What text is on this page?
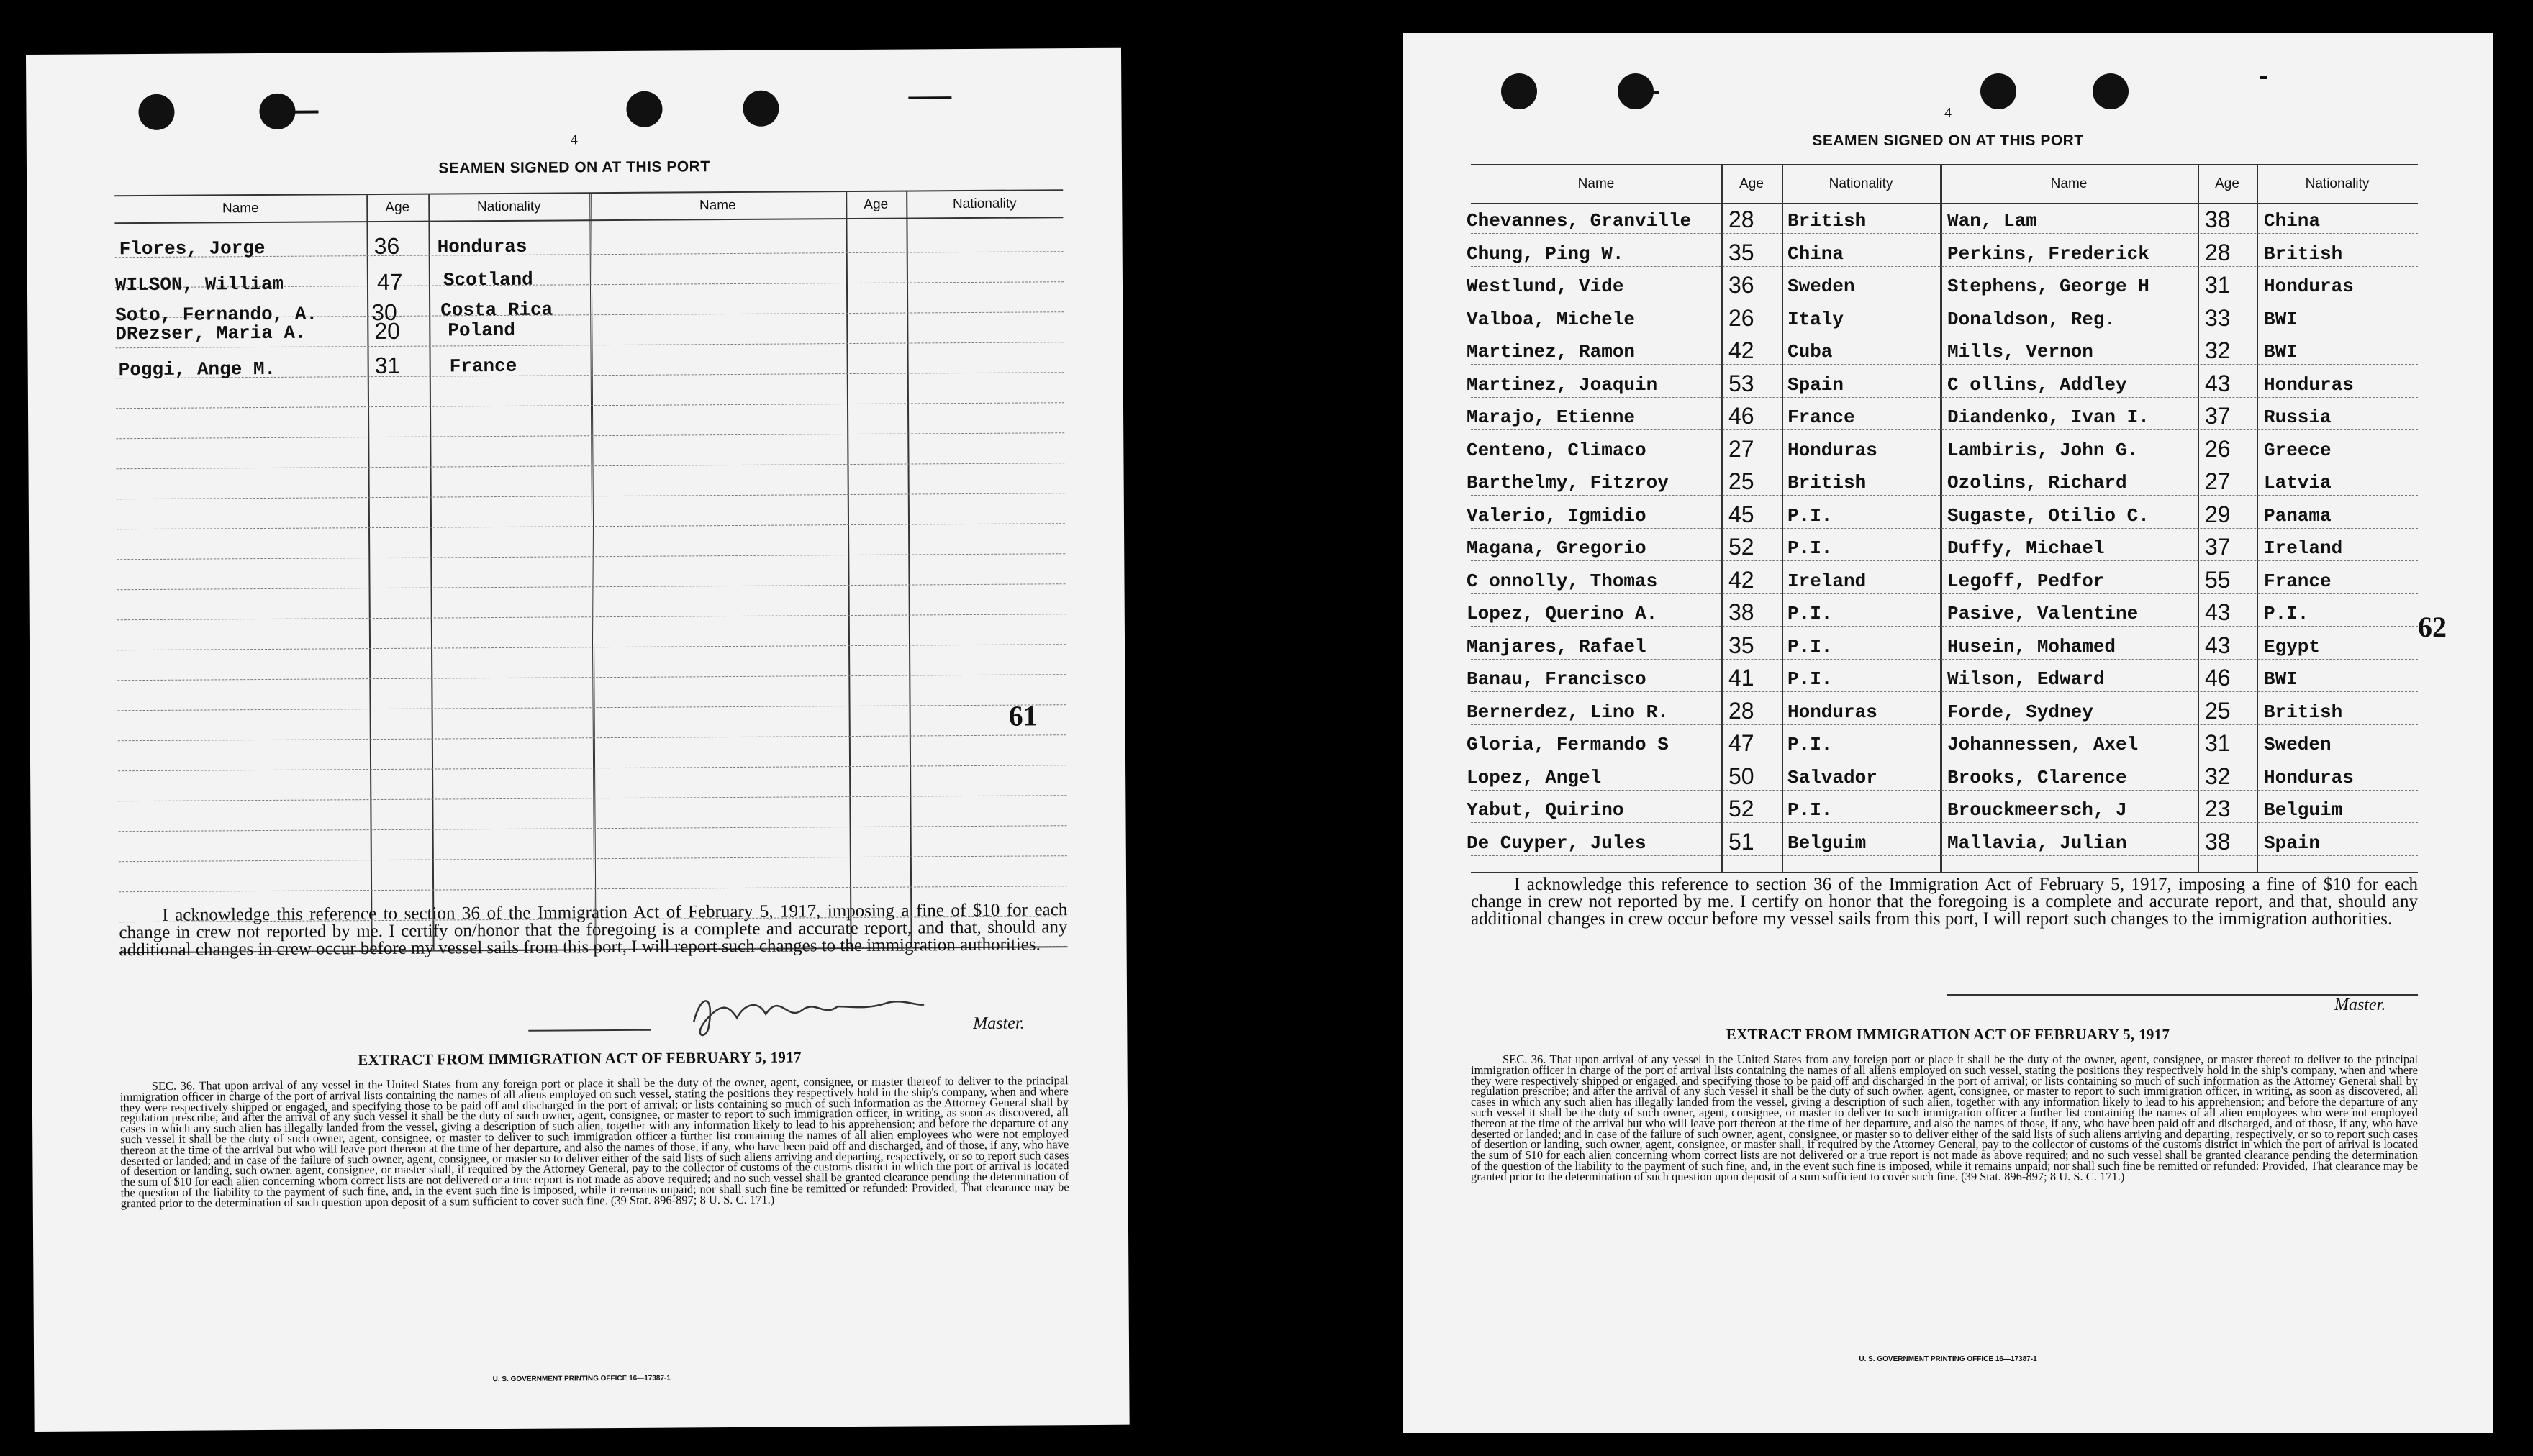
4
SEAMEN SIGNED ON AT THIS PORT
Name	Age	Nationality	Name	Age	Nationality
Flores, Jorge	36 Honduras
WILSON, William	47 Scotland
Soto, Fernando, A. 30 Costa Rica
DRezser, Maria A.	20	Poland
Poggi, Ange M.	31	France
61
I acknowledge this reference to section 36 of the Immigration Act of February 5, 1917, imposing a fine of $10 for each change in crew not reported by me. I certify on/honor that the foregoing is a complete and accurate report, and that, should any additional changes in crew occur before my vessel sails from this port, I will report such changes to the immigration authorities.
Master.
EXTRACT FROM IMMIGRATION ACT OF FEBRUARY 5, 1917
SEC. 36. That upon arrival of any vessel in the United States from any foreign port or place it shall be the duty of the owner, agent, consignee, or master thereof to deliver to the principal immigration officer in charge of the port of arrival lists containing the names of all aliens employed on such vessel, stating the positions they respectively hold in the ship's company, when and where they were respectively shipped or engaged, and specifying those to be paid off and discharged in the port of arrival; or lists containing so much of such information as the Attorney General shall by regulation prescribe; and after the arrival of any such vessel it shall be the duty of such owner, agent, consignee, or master to report to such immigration officer, in writing, as soon as discovered, all cases in which any such alien has illegally landed from the vessel, giving a description of such alien, together with any information likely to lead to his apprehension; and before the departure of any such vessel it shall be the duty of such owner, agent, consignee, or master to deliver to such immigration officer a further list containing the names of all alien employees who were not employed thereon at the time of the arrival but who will leave port thereon at the time of her departure, and also the names of those, if any, who have been paid off and discharged, and of those, if any, who have deserted or landed; and in case of the failure of such owner, agent, consignee, or master so to deliver either of the said lists of such aliens arriving and departing, respectively, or so to report such cases of desertion or landing, such owner, agent, consignee, or master shall, if required by the Attorney General, pay to the collector of customs of the customs district in which the port of arrival is located the sum of $10 for each alien concerning whom correct lists are not delivered or a true report is not made as above required; and no such vessel shall be granted clearance pending the determination of the question of the liability to the payment of such fine, and, in the event such fine is imposed, while it remains unpaid; nor shall such fine be remitted or refunded: Provided, That clearance may be granted prior to the determination of such question upon deposit of a sum sufficient to cover such fine. (39 Stat. 896-897; 8 U. S. C. 171.)
U. S. GOVERNMENT PRINTING OFFICE 16—17387-1
4
SEAMEN SIGNED ON AT THIS PORT
Name	Age	Nationality	Name	Age	Nationality
Chevannes, Granville 28 British	Wan, Lam	38 China
Chung, Ping W.	35 China	Perkins, Frederick 28 British
Westlund, Vide	36 Sweden	Stephens, George H 31 Honduras
Valboa, Michele	26 Italy	Donaldson, Reg.	33 BWI
Martinez, Ramon	42 Cuba	Mills, Vernon	32 BWI
Martinez, Joaquin	53 Spain	C ollins, Addley	43 Honduras
Marajo, Etienne	46 France	Diandenko, Ivan I. 37 Russia
Centeno, Climaco	27 Honduras	Lambiris, John G.	26 Greece
Barthelmy, Fitzroy	25 British	Ozolins, Richard	27 Latvia
Valerio, Igmidio	45 P.I.	Sugaste, Otilio C. 29 Panama
Magana, Gregorio	52 P.I.	Duffy, Michael	37 Ireland
C onnolly, Thomas	42 Ireland	Legoff, Pedfor	55 France
Lopez, Querino A.	38 P.I.	Pasive, Valentine	43 P.I.
Manjares, Rafael	35 P.I.	Husein, Mohamed	43 Egypt
Banau, Francisco	41 P.I.	Wilson, Edward	46 BWI
Bernerdez, Lino R.	28 Honduras	Forde, Sydney	25 British
Gloria, Fermando S	47 P.I.	Johannessen, Axel	31 Sweden
Lopez, Angel	50 Salvador	Brooks, Clarence	32 Honduras
Yabut, Quirino	52 P.I.	Brouckmeersch, J	23 Belguim
De Cuyper, Jules	51 Belguim	Mallavia, Julian	38 Spain
62
I acknowledge this reference to section 36 of the Immigration Act of February 5, 1917, imposing a fine of $10 for each change in crew not reported by me. I certify on honor that the foregoing is a complete and accurate report, and that, should any additional changes in crew occur before my vessel sails from this port, I will report such changes to the immigration authorities.
Master.
EXTRACT FROM IMMIGRATION ACT OF FEBRUARY 5, 1917
SEC. 36. That upon arrival of any vessel in the United States from any foreign port or place it shall be the duty of the owner, agent, consignee, or master thereof to deliver to the principal immigration officer in charge of the port of arrival lists containing the names of all aliens employed on such vessel, stating the positions they respectively hold in the ship's company, when and where they were respectively shipped or engaged, and specifying those to be paid off and discharged in the port of arrival; or lists containing so much of such information as the Attorney General shall by regulation prescribe; and after the arrival of any such vessel it shall be the duty of such owner, agent, consignee, or master to report to such immigration officer, in writing, as soon as discovered, all cases in which any such alien has illegally landed from the vessel, giving a description of such alien, together with any information likely to lead to his apprehension; and before the departure of any such vessel it shall be the duty of such owner, agent, consignee, or master to deliver to such immigration officer a further list containing the names of all alien employees who were not employed thereon at the time of the arrival but who will leave port thereon at the time of her departure, and also the names of those, if any, who have been paid off and discharged, and of those, if any, who have deserted or landed; and in case of the failure of such owner, agent, consignee, or master so to deliver either of the said lists of such aliens arriving and departing, respectively, or so to report such cases of desertion or landing, such owner, agent, consignee, or master shall, if required by the Attorney General, pay to the collector of customs of the customs district in which the port of arrival is located the sum of $10 for each alien concerning whom correct lists are not delivered or a true report is not made as above required; and no such vessel shall be granted clearance pending the determination of the question of the liability to the payment of such fine, and, in the event such fine is imposed, while it remains unpaid; nor shall such fine be remitted or refunded: Provided, That clearance may be granted prior to the determination of such question upon deposit of a sum sufficient to cover such fine. (39 Stat. 896-897; 8 U. S. C. 171.)
U. S. GOVERNMENT PRINTING OFFICE 16—17387-1
